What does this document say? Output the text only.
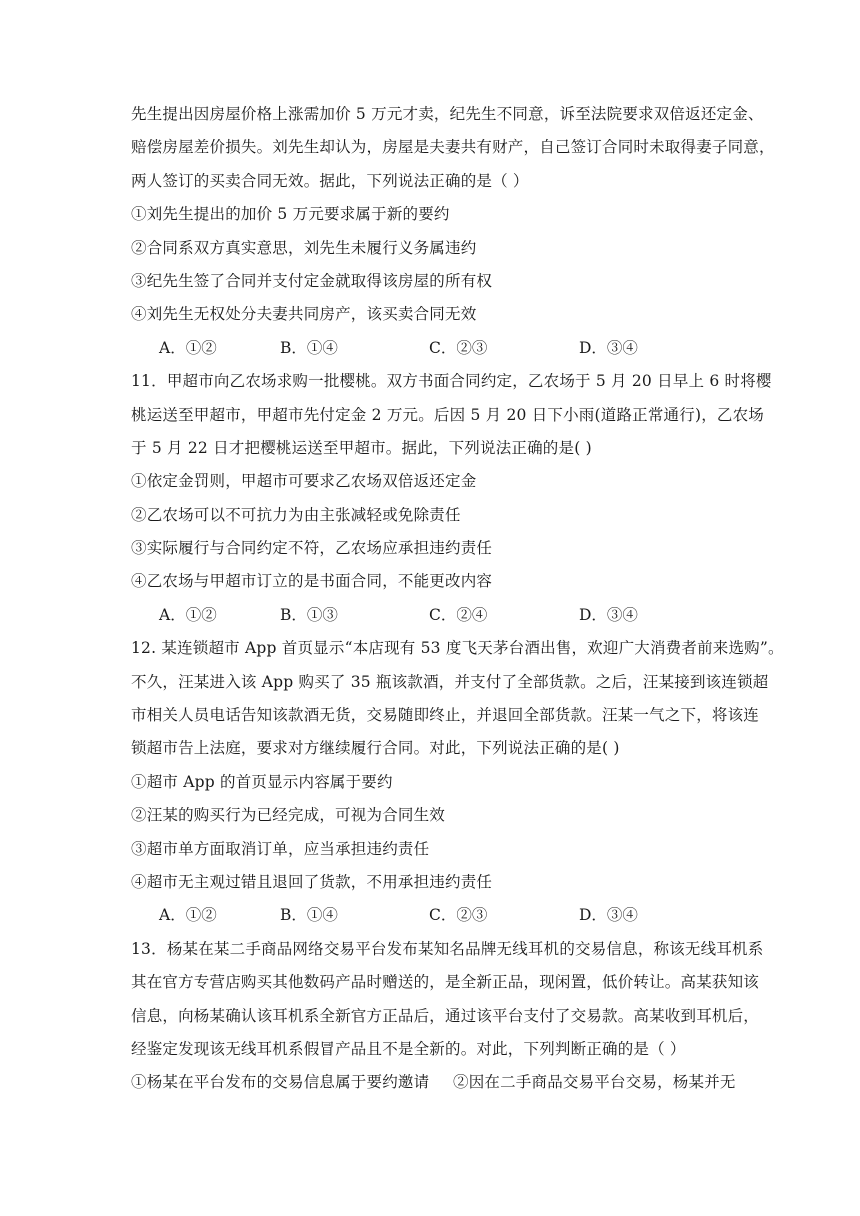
先生提出因房屋价格上涨需加价 5 万元才卖，纪先生不同意，诉至法院要求双倍返还定金、
赔偿房屋差价损失。刘先生却认为，房屋是夫妻共有财产，自己签订合同时未取得妻子同意，
两人签订的买卖合同无效。据此，下列说法正确的是（ ）
①刘先生提出的加价 5 万元要求属于新的要约
②合同系双方真实意思，刘先生未履行义务属违约
③纪先生签了合同并支付定金就取得该房屋的所有权
④刘先生无权处分夫妻共同房产，该买卖合同无效
A．①②	B．①④	C．②③	D．③④
11．甲超市向乙农场求购一批樱桃。双方书面合同约定，乙农场于 5 月 20 日早上 6 时将樱
桃运送至甲超市，甲超市先付定金 2 万元。后因 5 月 20 日下小雨(道路正常通行)，乙农场
于 5 月 22 日才把樱桃运送至甲超市。据此，下列说法正确的是( )
①依定金罚则，甲超市可要求乙农场双倍返还定金
②乙农场可以不可抗力为由主张减轻或免除责任
③实际履行与合同约定不符，乙农场应承担违约责任
④乙农场与甲超市订立的是书面合同，不能更改内容
A．①②	B．①③	C．②④	D．③④
12. 某连锁超市 App 首页显示“本店现有 53 度飞天茅台酒出售，欢迎广大消费者前来选购”。
不久，汪某进入该 App 购买了 35 瓶该款酒，并支付了全部货款。之后，汪某接到该连锁超
市相关人员电话告知该款酒无货，交易随即终止，并退回全部货款。汪某一气之下，将该连
锁超市告上法庭，要求对方继续履行合同。对此，下列说法正确的是( )
①超市 App 的首页显示内容属于要约
②汪某的购买行为已经完成，可视为合同生效
③超市单方面取消订单，应当承担违约责任
④超市无主观过错且退回了货款，不用承担违约责任
A．①②	B．①④	C．②③	D．③④
13．杨某在某二手商品网络交易平台发布某知名品牌无线耳机的交易信息，称该无线耳机系
其在官方专营店购买其他数码产品时赠送的，是全新正品，现闲置，低价转让。高某获知该
信息，向杨某确认该耳机系全新官方正品后，通过该平台支付了交易款。高某收到耳机后，
经鉴定发现该无线耳机系假冒产品且不是全新的。对此，下列判断正确的是（ ）
①杨某在平台发布的交易信息属于要约邀请 ②因在二手商品交易平台交易，杨某并无
